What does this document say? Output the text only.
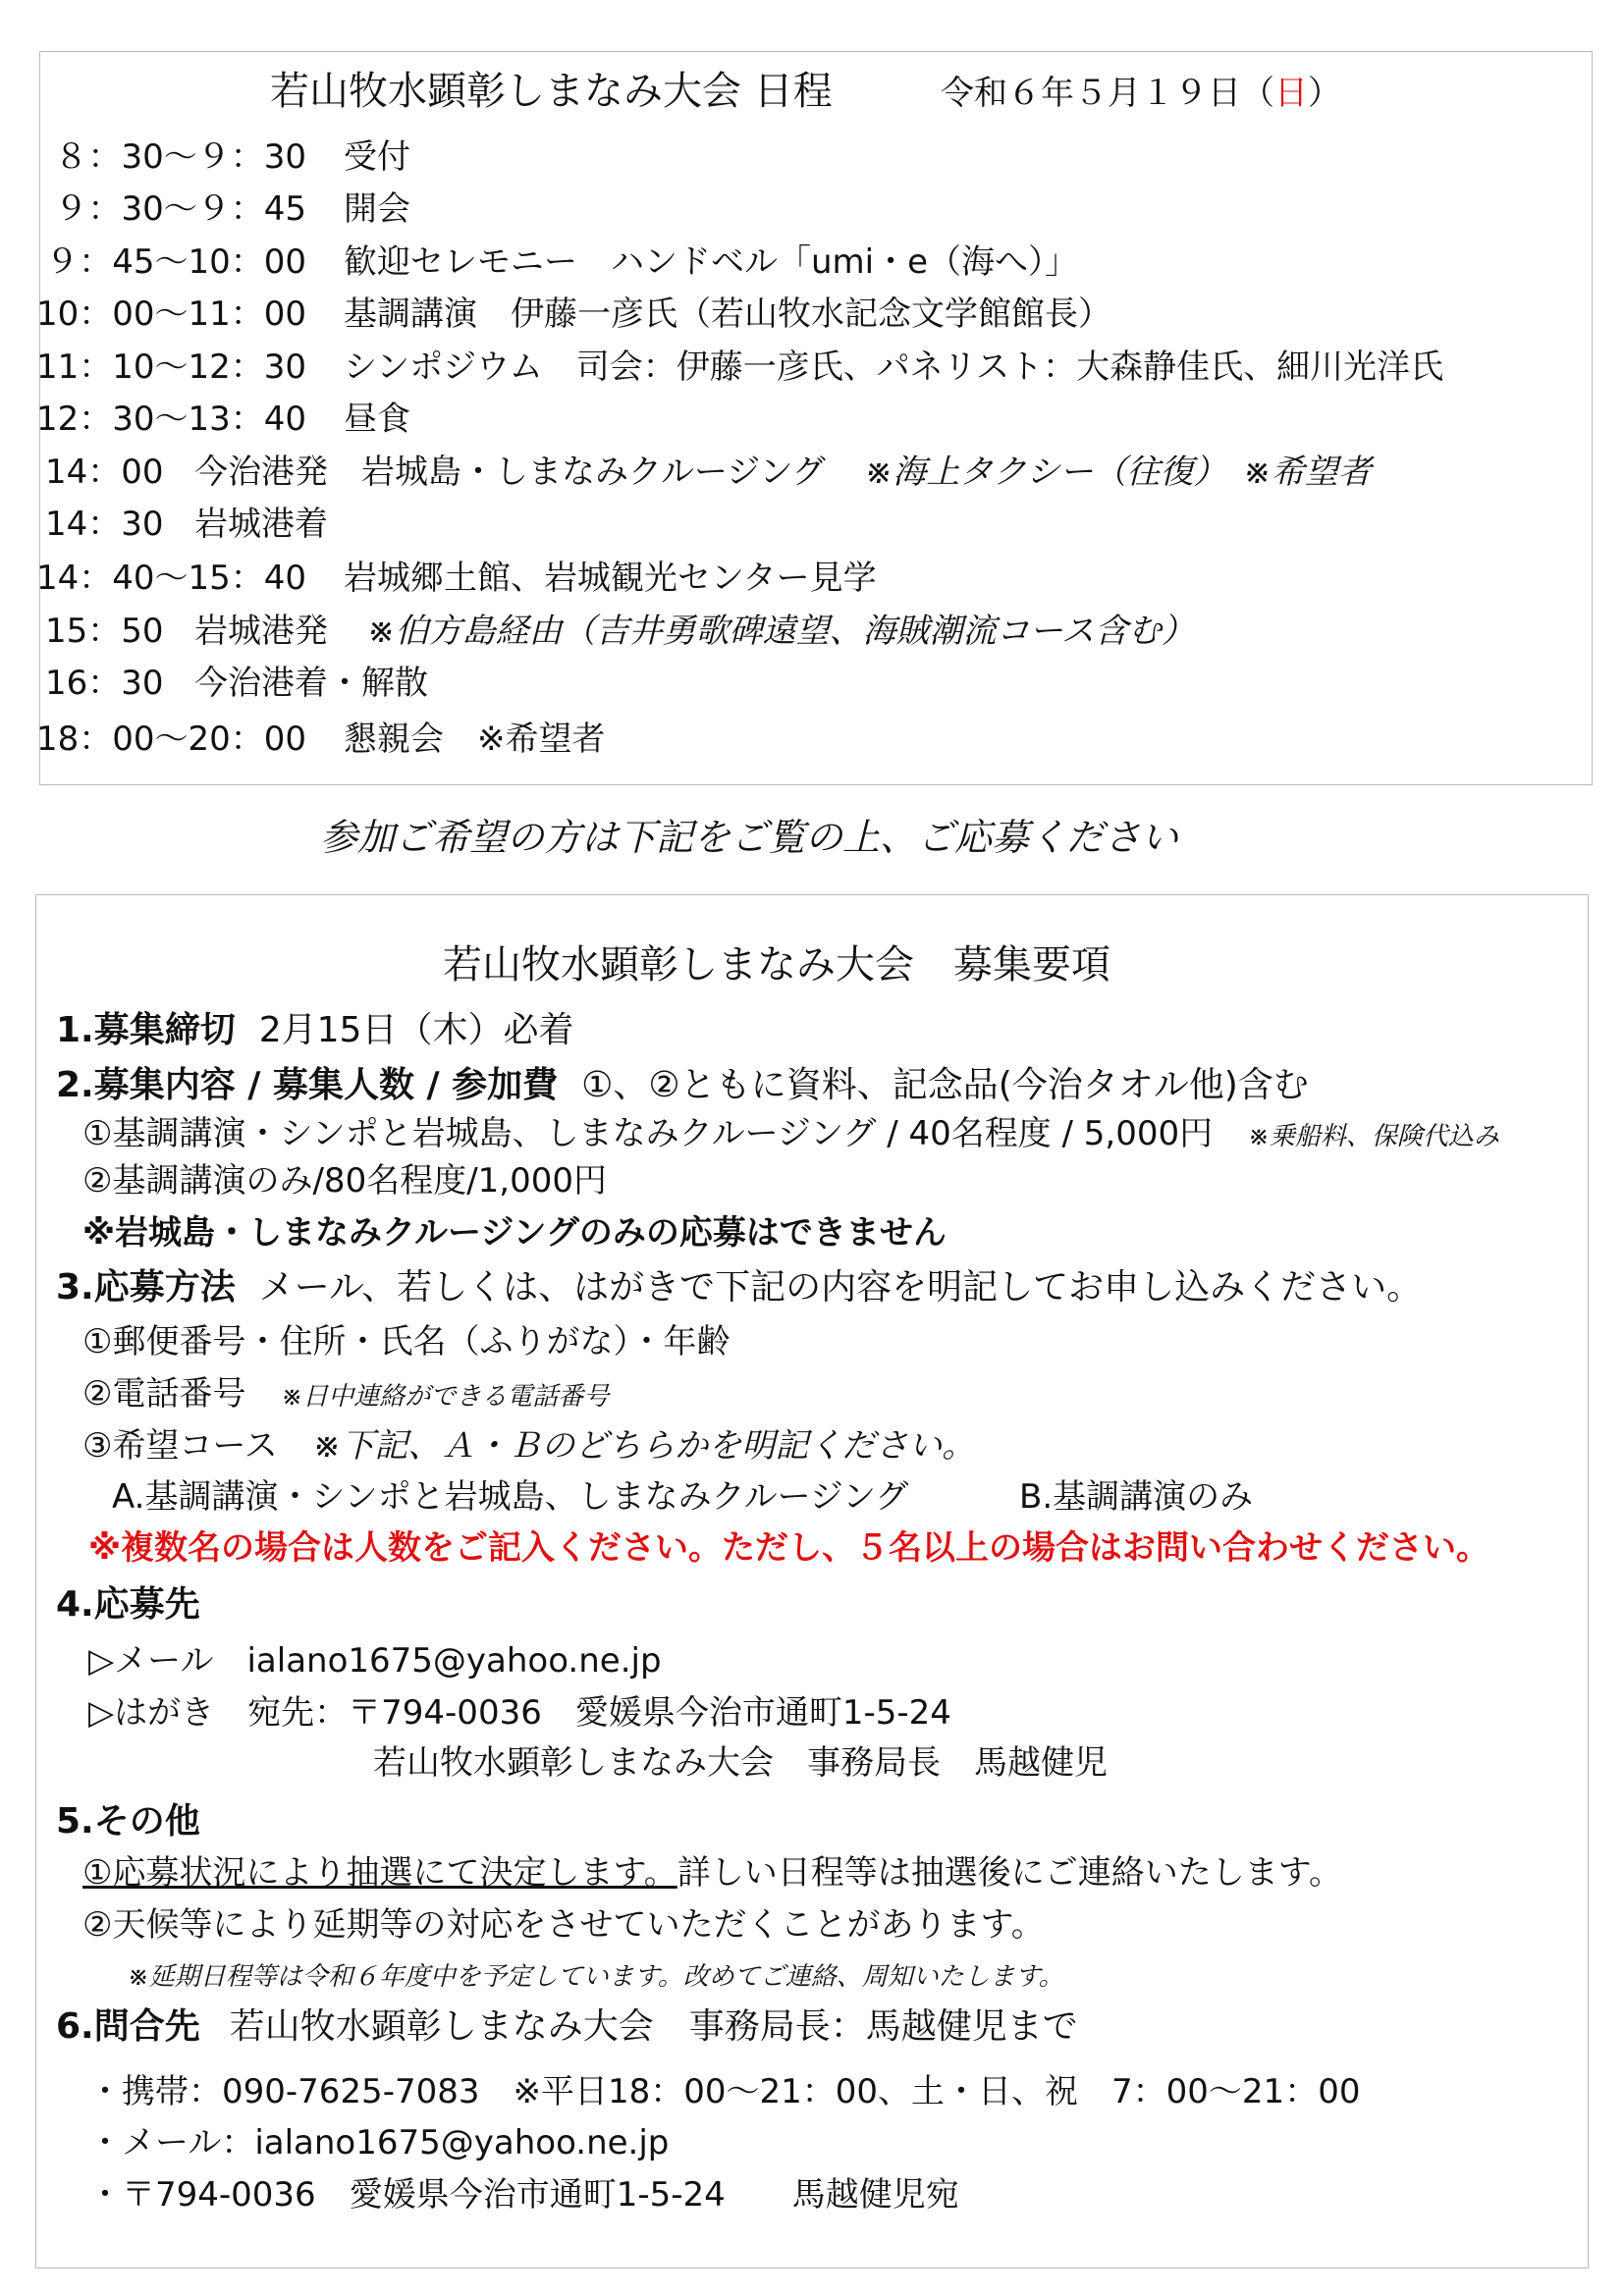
若山牧水顕彰しまなみ大会 日程	令和６年５月１９日（日）
８：30～９：30 受付
９：30～９：45 開会
９：45～10：00 歓迎セレモニー　ハンドベル「umi・e（海へ）」
10：00～11：00 基調講演　伊藤一彦氏（若山牧水記念文学館館長）
11：10～12：30 シンポジウム　司会：伊藤一彦氏、パネリスト：大森静佳氏、細川光洋氏
12：30～13：40 昼食
14：00 今治港発　岩城島・しまなみクルージング ※海上タクシー（往復）　※希望者
14：30 岩城港着
14：40～15：40 岩城郷土館、岩城観光センター見学
15：50 岩城港発 ※伯方島経由（吉井勇歌碑遠望、海賊潮流コース含む）
16：30 今治港着・解散
18：00～20：00 懇親会　※希望者
参加ご希望の方は下記をご覧の上、ご応募ください
若山牧水顕彰しまなみ大会　募集要項
1.募集締切 2月15日（木）必着
2.募集内容 / 募集人数 / 参加費 ①、②ともに資料、記念品(今治タオル他)含む
①基調講演・シンポと岩城島、しまなみクルージング / 40名程度 / 5,000円 ※乗船料、保険代込み
②基調講演のみ/80名程度/1,000円
※岩城島・しまなみクルージングのみの応募はできません
3.応募方法 メール、若しくは、はがきで下記の内容を明記してお申し込みください。
①郵便番号・住所・氏名（ふりがな）・年齢
②電話番号 ※日中連絡ができる電話番号
③希望コース ※下記、Ａ・Ｂのどちらかを明記ください。
A.基調講演・シンポと岩城島、しまなみクルージング	B.基調講演のみ
※複数名の場合は人数をご記入ください。ただし、５名以上の場合はお問い合わせください。
4.応募先
▷メール　ialano1675@yahoo.ne.jp
▷はがき　宛先：〒794-0036　愛媛県今治市通町1-5-24
若山牧水顕彰しまなみ大会　事務局長　馬越健児
5.その他
①応募状況により抽選にて決定します。詳しい日程等は抽選後にご連絡いたします。
②天候等により延期等の対応をさせていただくことがあります。
※延期日程等は令和６年度中を予定しています。改めてご連絡、周知いたします。
6.問合先 若山牧水顕彰しまなみ大会　事務局長：馬越健児まで
・携帯：090-7625-7083　※平日18：00～21：00、土・日、祝　7：00～21：00
・メール：ialano1675@yahoo.ne.jp
・〒794-0036　愛媛県今治市通町1-5-24　　馬越健児宛
